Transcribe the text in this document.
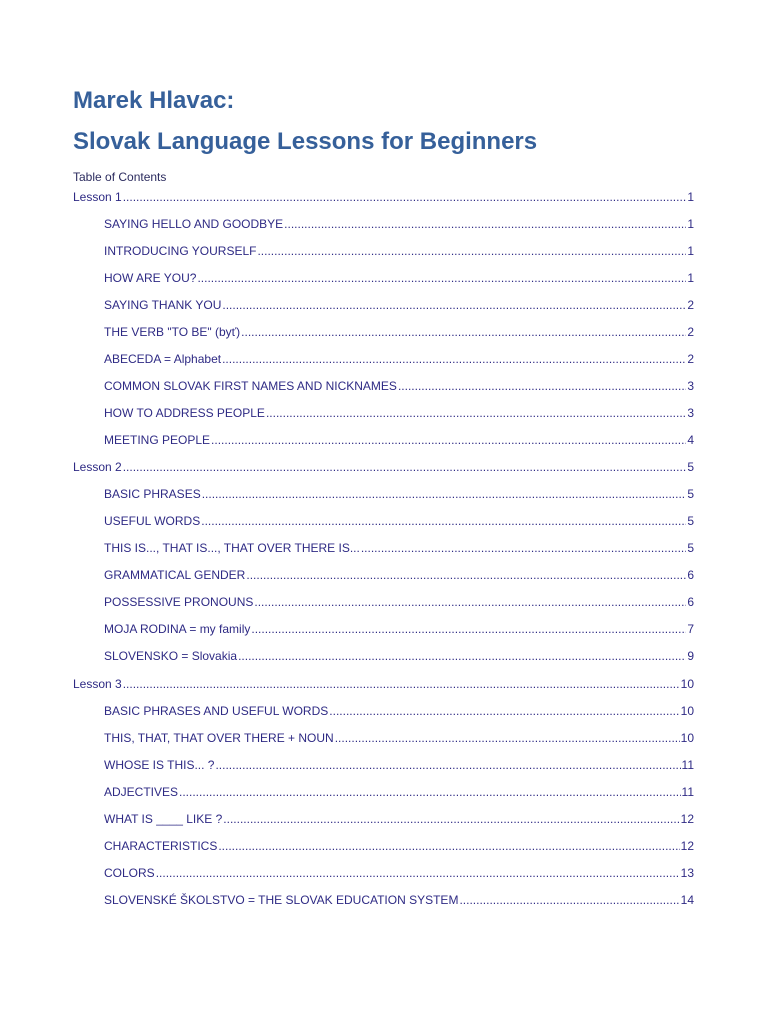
Marek Hlavac:
Slovak Language Lessons for Beginners
Table of Contents
Lesson 1 .....	1
SAYING HELLO AND GOODBYE .....	1
INTRODUCING YOURSELF .....	1
HOW ARE YOU? .....	1
SAYING THANK YOU .....	2
THE VERB "TO BE" (byť) .....	2
ABECEDA = Alphabet .....	2
COMMON SLOVAK FIRST NAMES AND NICKNAMES .....	3
HOW TO ADDRESS PEOPLE .....	3
MEETING PEOPLE .....	4
Lesson 2 .....	5
BASIC PHRASES .....	5
USEFUL WORDS .....	5
THIS IS..., THAT IS..., THAT OVER THERE IS... .....	5
GRAMMATICAL GENDER .....	6
POSSESSIVE PRONOUNS .....	6
MOJA RODINA = my family .....	7
SLOVENSKO = Slovakia .....	9
Lesson 3 .....	10
BASIC PHRASES AND USEFUL WORDS .....	10
THIS, THAT, THAT OVER THERE + NOUN .....	10
WHOSE IS THIS... ? .....	11
ADJECTIVES .....	11
WHAT IS ____ LIKE ? .....	12
CHARACTERISTICS .....	12
COLORS .....	13
SLOVENSKÉ ŠKOLSTVO = THE SLOVAK EDUCATION SYSTEM .....	14
